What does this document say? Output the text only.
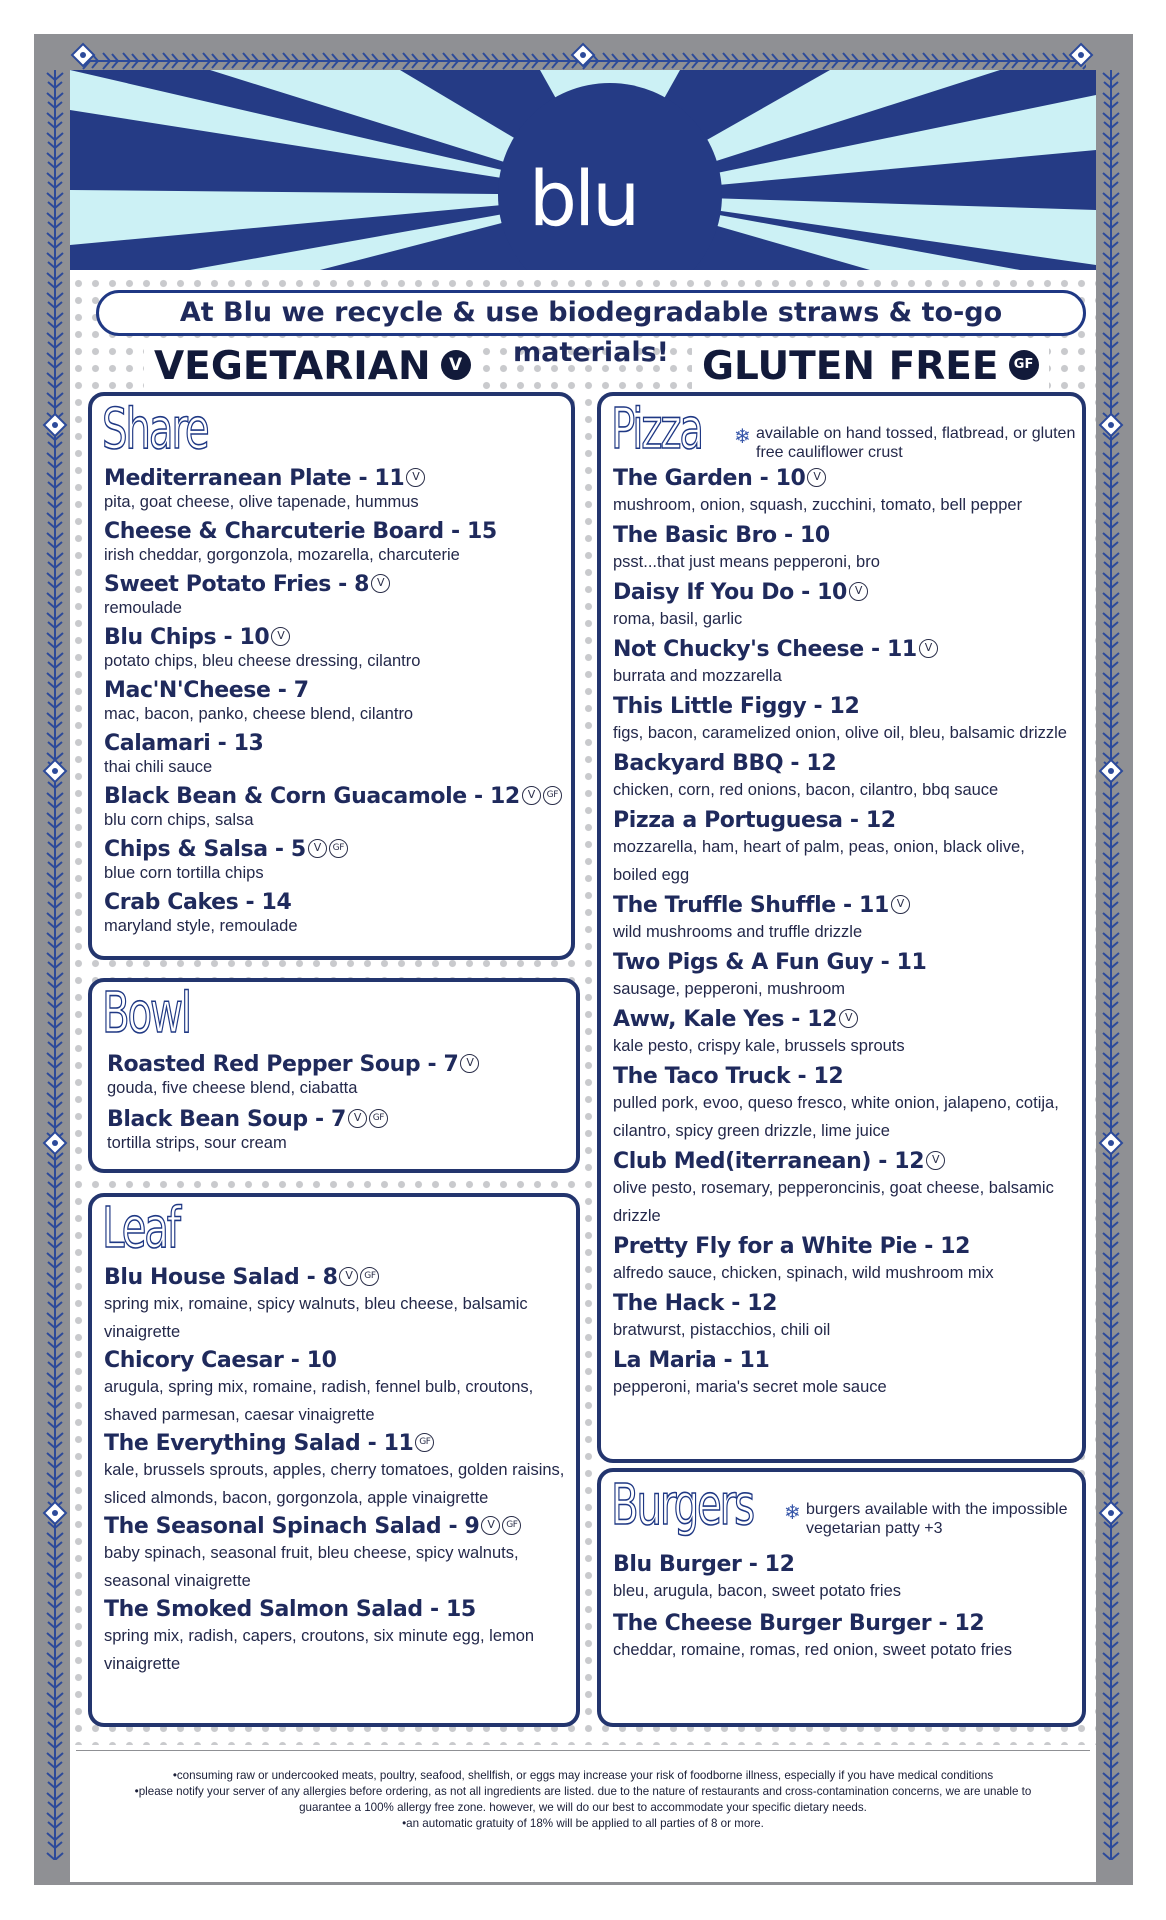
blu
At Blu we recycle & use biodegradable straws & to-go materials!
VEGETARIAN V	GLUTEN FREE GF
Share
Mediterranean Plate - 11 V
pita, goat cheese, olive tapenade, hummus
Cheese & Charcuterie Board - 15
irish cheddar, gorgonzola, mozarella, charcuterie
Sweet Potato Fries - 8 V
remoulade
Blu Chips - 10 V
potato chips, bleu cheese dressing, cilantro
Mac'N'Cheese - 7
mac, bacon, panko, cheese blend, cilantro
Calamari - 13
thai chili sauce
Black Bean & Corn Guacamole - 12 V GF
blu corn chips, salsa
Chips & Salsa - 5 V GF
blue corn tortilla chips
Crab Cakes - 14
maryland style, remoulade
Bowl
Roasted Red Pepper Soup - 7 V
gouda, five cheese blend, ciabatta
Black Bean Soup - 7 V GF
tortilla strips, sour cream
Leaf
Blu House Salad - 8 V GF
spring mix, romaine, spicy walnuts, bleu cheese, balsamic vinaigrette
Chicory Caesar - 10
arugula, spring mix, romaine, radish, fennel bulb, croutons, shaved parmesan, caesar vinaigrette
The Everything Salad - 11 GF
kale, brussels sprouts, apples, cherry tomatoes, golden raisins, sliced almonds, bacon, gorgonzola, apple vinaigrette
The Seasonal Spinach Salad - 9 V GF
baby spinach, seasonal fruit, bleu cheese, spicy walnuts, seasonal vinaigrette
The Smoked Salmon Salad - 15
spring mix, radish, capers, croutons, six minute egg, lemon vinaigrette
Pizza	❄ available on hand tossed, flatbread, or gluten free cauliflower crust
The Garden - 10 V
mushroom, onion, squash, zucchini, tomato, bell pepper
The Basic Bro - 10
psst...that just means pepperoni, bro
Daisy If You Do - 10 V
roma, basil, garlic
Not Chucky's Cheese - 11 V
burrata and mozzarella
This Little Figgy - 12
figs, bacon, caramelized onion, olive oil, bleu, balsamic drizzle
Backyard BBQ - 12
chicken, corn, red onions, bacon, cilantro, bbq sauce
Pizza a Portuguesa - 12
mozzarella, ham, heart of palm, peas, onion, black olive, boiled egg
The Truffle Shuffle - 11 V
wild mushrooms and truffle drizzle
Two Pigs & A Fun Guy - 11
sausage, pepperoni, mushroom
Aww, Kale Yes - 12 V
kale pesto, crispy kale, brussels sprouts
The Taco Truck - 12
pulled pork, evoo, queso fresco, white onion, jalapeno, cotija, cilantro, spicy green drizzle, lime juice
Club Med(iterranean) - 12 V
olive pesto, rosemary, pepperoncinis, goat cheese, balsamic drizzle
Pretty Fly for a White Pie - 12
alfredo sauce, chicken, spinach, wild mushroom mix
The Hack - 12
bratwurst, pistacchios, chili oil
La Maria - 11
pepperoni, maria's secret mole sauce
Burgers	❄ burgers available with the impossible vegetarian patty +3
Blu Burger - 12
bleu, arugula, bacon, sweet potato fries
The Cheese Burger Burger - 12
cheddar, romaine, romas, red onion, sweet potato fries
•consuming raw or undercooked meats, poultry, seafood, shellfish, or eggs may increase your risk of foodborne illness, especially if you have medical conditions
•please notify your server of any allergies before ordering, as not all ingredients are listed. due to the nature of restaurants and cross-contamination concerns, we are unable to
guarantee a 100% allergy free zone. however, we will do our best to accommodate your specific dietary needs.
•an automatic gratuity of 18% will be applied to all parties of 8 or more.
